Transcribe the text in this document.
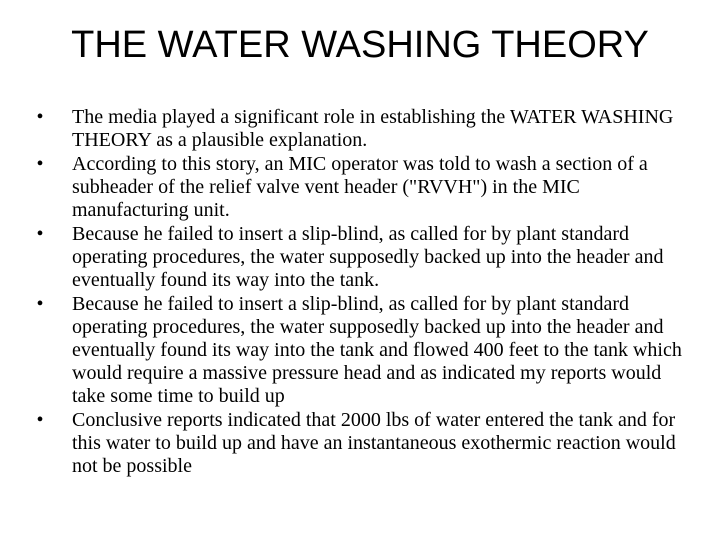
THE WATER WASHING THEORY
•	The media played a significant role in establishing the WATER WASHING THEORY as a plausible explanation.
•	According to this story, an MIC operator was told to wash a section of a subheader of the relief valve vent header ("RVVH") in the MIC manufacturing unit.
•	Because he failed to insert a slip-blind, as called for by plant standard operating procedures, the water supposedly backed up into the header and eventually found its way into the tank.
•	Because he failed to insert a slip-blind, as called for by plant standard operating procedures, the water supposedly backed up into the header and eventually found its way into the tank and flowed 400 feet to the tank which would require a massive pressure head and as indicated my reports would take some time to build up
•	Conclusive reports indicated that 2000 lbs of water entered the tank and for this water to build up and have an instantaneous exothermic reaction would not be possible
